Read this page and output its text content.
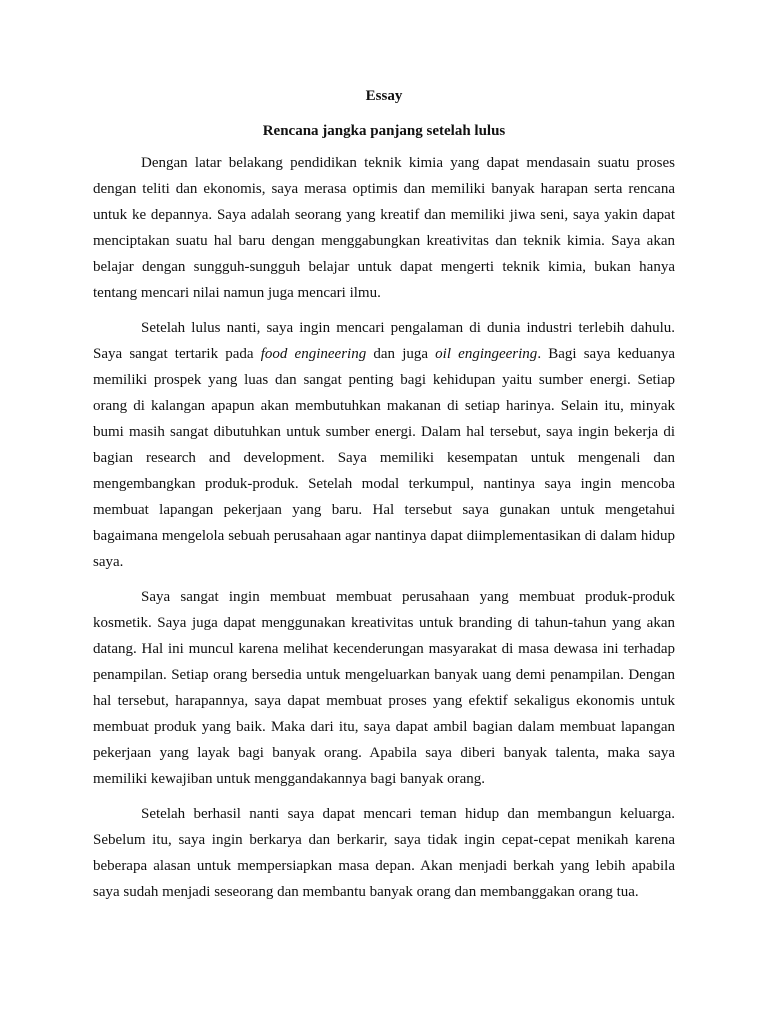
Essay
Rencana jangka panjang setelah lulus

Dengan latar belakang pendidikan teknik kimia yang dapat mendasain suatu proses dengan teliti dan ekonomis, saya merasa optimis dan memiliki banyak harapan serta rencana untuk ke depannya. Saya adalah seorang yang kreatif dan memiliki jiwa seni, saya yakin dapat menciptakan suatu hal baru dengan menggabungkan kreativitas dan teknik kimia. Saya akan belajar dengan sungguh-sungguh belajar untuk dapat mengerti teknik kimia, bukan hanya tentang mencari nilai namun juga mencari ilmu.

Setelah lulus nanti, saya ingin mencari pengalaman di dunia industri terlebih dahulu. Saya sangat tertarik pada food engineering dan juga oil engingeering. Bagi saya keduanya memiliki prospek yang luas dan sangat penting bagi kehidupan yaitu sumber energi. Setiap orang di kalangan apapun akan membutuhkan makanan di setiap harinya. Selain itu, minyak bumi masih sangat dibutuhkan untuk sumber energi. Dalam hal tersebut, saya ingin bekerja di bagian research and development. Saya memiliki kesempatan untuk mengenali dan mengembangkan produk-produk. Setelah modal terkumpul, nantinya saya ingin mencoba membuat lapangan pekerjaan yang baru. Hal tersebut saya gunakan untuk mengetahui bagaimana mengelola sebuah perusahaan agar nantinya dapat diimplementasikan di dalam hidup saya.

Saya sangat ingin membuat membuat perusahaan yang membuat produk-produk kosmetik. Saya juga dapat menggunakan kreativitas untuk branding di tahun-tahun yang akan datang. Hal ini muncul karena melihat kecenderungan masyarakat di masa dewasa ini terhadap penampilan. Setiap orang bersedia untuk mengeluarkan banyak uang demi penampilan. Dengan hal tersebut, harapannya, saya dapat membuat proses yang efektif sekaligus ekonomis untuk membuat produk yang baik. Maka dari itu, saya dapat ambil bagian dalam membuat lapangan pekerjaan yang layak bagi banyak orang. Apabila saya diberi banyak talenta, maka saya memiliki kewajiban untuk menggandakannya bagi banyak orang.

Setelah berhasil nanti saya dapat mencari teman hidup dan membangun keluarga. Sebelum itu, saya ingin berkarya dan berkarir, saya tidak ingin cepat-cepat menikah karena beberapa alasan untuk mempersiapkan masa depan. Akan menjadi berkah yang lebih apabila saya sudah menjadi seseorang dan membantu banyak orang dan membanggakan orang tua.
